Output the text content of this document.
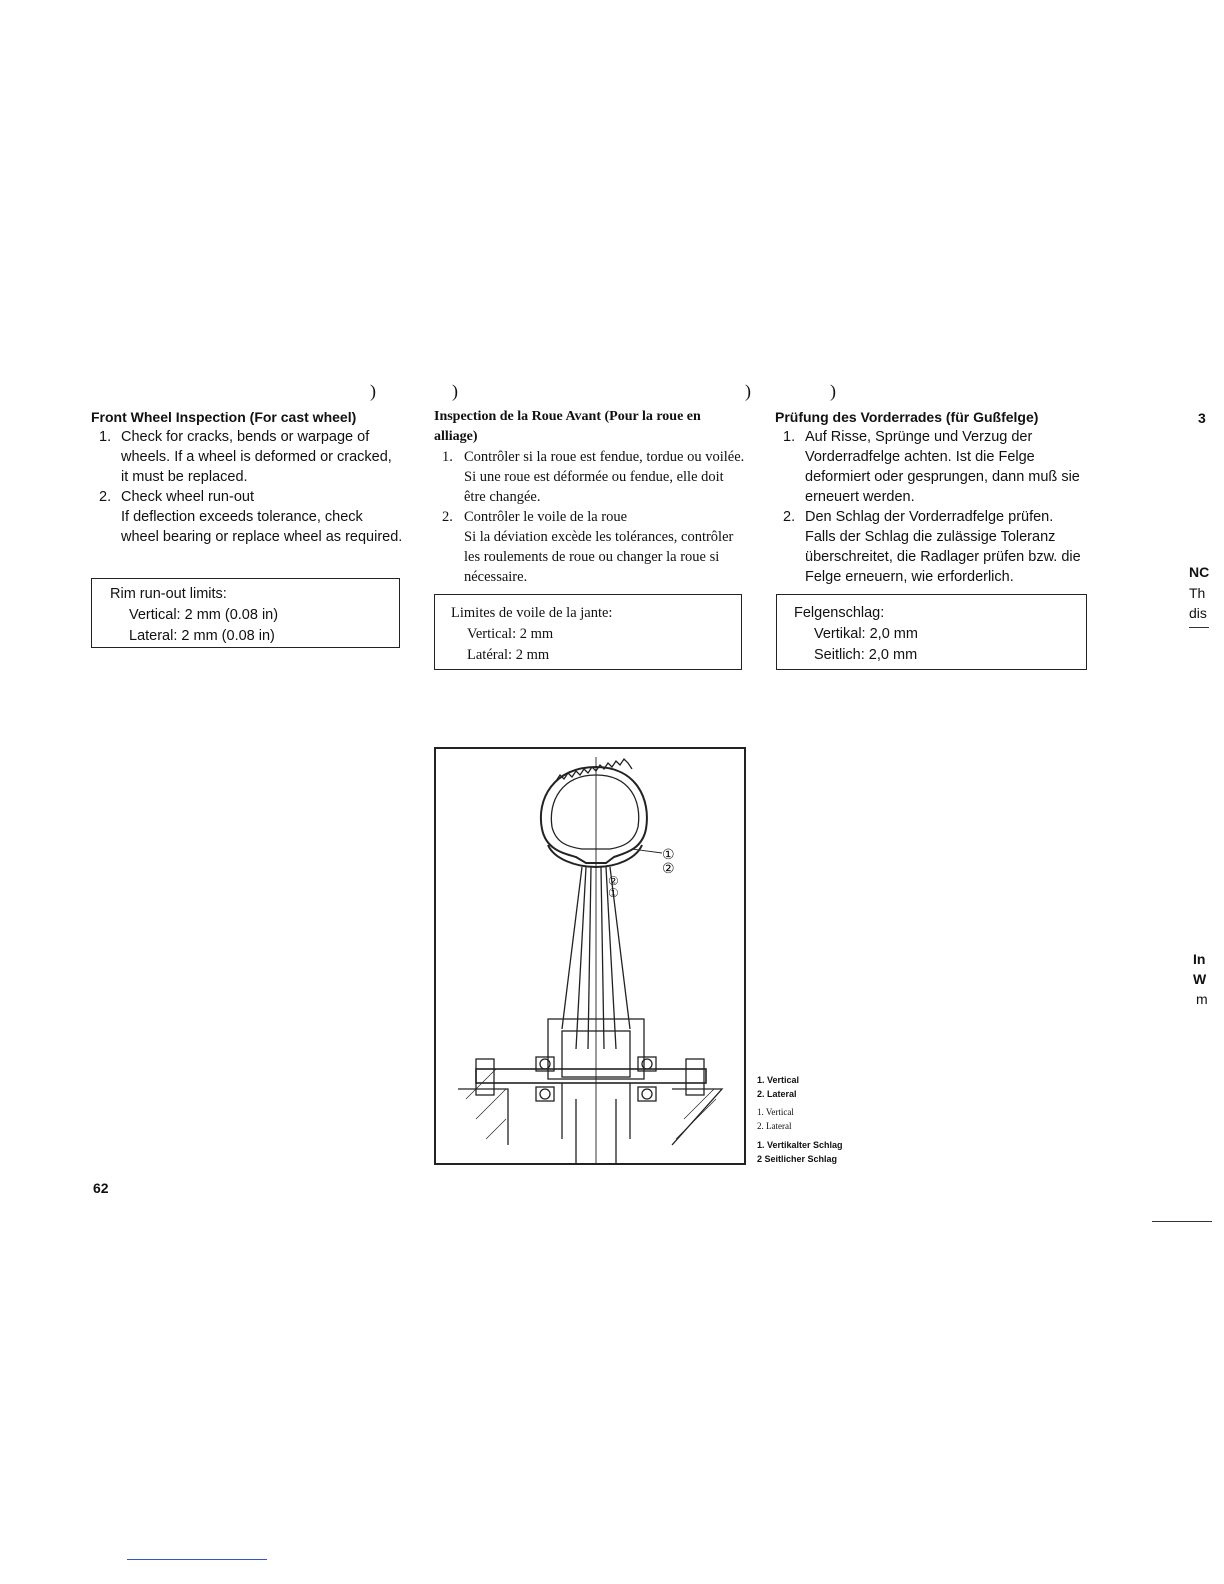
)	)	)	)
Front Wheel Inspection (For cast wheel)
1. Check for cracks, bends or warpage of wheels. If a wheel is deformed or cracked, it must be replaced.
2. Check wheel run-out
If deflection exceeds tolerance, check wheel bearing or replace wheel as required.
Rim run-out limits:
Vertical: 2 mm (0.08 in)
Lateral: 2 mm (0.08 in)
Inspection de la Roue Avant (Pour la roue en alliage)
1. Contrôler si la roue est fendue, tordue ou voilée. Si une roue est déformée ou fendue, elle doit être changée.
2. Contrôler le voile de la roue
Si la déviation excède les tolérances, contrôler les roulements de roue ou changer la roue si nécessaire.
Limites de voile de la jante:
Vertical: 2 mm
Latéral: 2 mm
Prüfung des Vorderrades (für Gußfelge)
1. Auf Risse, Sprünge und Verzug der Vorderradfelge achten. Ist die Felge deformiert oder gesprungen, dann muß sie erneuert werden.
2. Den Schlag der Vorderradfelge prüfen. Falls der Schlag die zulässige Toleranz überschreitet, die Radlager prüfen bzw. die Felge erneuern, wie erforderlich.
Felgenschlag:
Vertikal: 2,0 mm
Seitlich: 2,0 mm
①
②
②
①
1. Vertical
2. Lateral
1. Vertical
2. Lateral
1. Vertikalter Schlag
2 Seitlicher Schlag
62
3
NC
Th
dis
In
W
m
